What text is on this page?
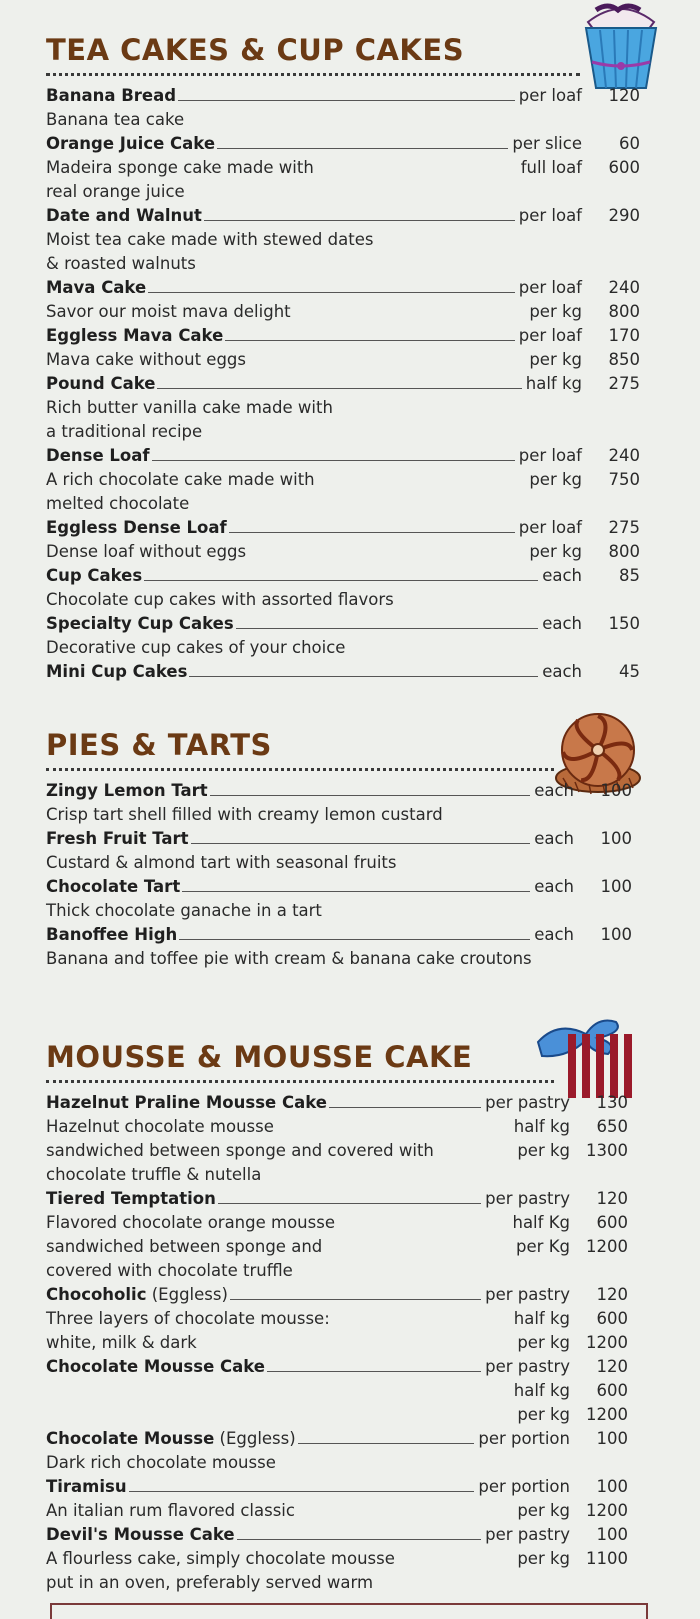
TEA CAKES & CUP CAKES
Banana Bread	per loaf 120
Banana tea cake
Orange Juice Cake	per slice 60
Madeira sponge cake made with	full loaf 600
real orange juice
Date and Walnut	per loaf 290
Moist tea cake made with stewed dates
& roasted walnuts
Mava Cake	per loaf 240
Savor our moist mava delight	per kg 800
Eggless Mava Cake	per loaf 170
Mava cake without eggs	per kg 850
Pound Cake	half kg 275
Rich butter vanilla cake made with
a traditional recipe
Dense Loaf	per loaf 240
A rich chocolate cake made with	per kg 750
melted chocolate
Eggless Dense Loaf	per loaf 275
Dense loaf without eggs	per kg 800
Cup Cakes	each 85
Chocolate cup cakes with assorted flavors
Specialty Cup Cakes	each 150
Decorative cup cakes of your choice
Mini Cup Cakes	each 45
PIES & TARTS
Zingy Lemon Tart	each 100
Crisp tart shell filled with creamy lemon custard
Fresh Fruit Tart	each 100
Custard & almond tart with seasonal fruits
Chocolate Tart	each 100
Thick chocolate ganache in a tart
Banoffee High	each 100
Banana and toffee pie with cream & banana cake croutons
MOUSSE & MOUSSE CAKE
Hazelnut Praline Mousse Cake	per pastry 130
Hazelnut chocolate mousse	half kg 650
sandwiched between sponge and covered with	per kg 1300
chocolate truffle & nutella
Tiered Temptation	per pastry 120
Flavored chocolate orange mousse	half Kg 600
sandwiched between sponge and	per Kg 1200
covered with chocolate truffle
Chocoholic (Eggless)	per pastry 120
Three layers of chocolate mousse:	half kg 600
white, milk & dark	per kg 1200
Chocolate Mousse Cake	per pastry 120
half kg 600
per kg 1200
Chocolate Mousse (Eggless)	per portion 100
Dark rich chocolate mousse
Tiramisu	per portion 100
An italian rum flavored classic	per kg 1200
Devil's Mousse Cake	per pastry 100
A flourless cake, simply chocolate mousse	per kg 1100
put in an oven, preferably served warm
